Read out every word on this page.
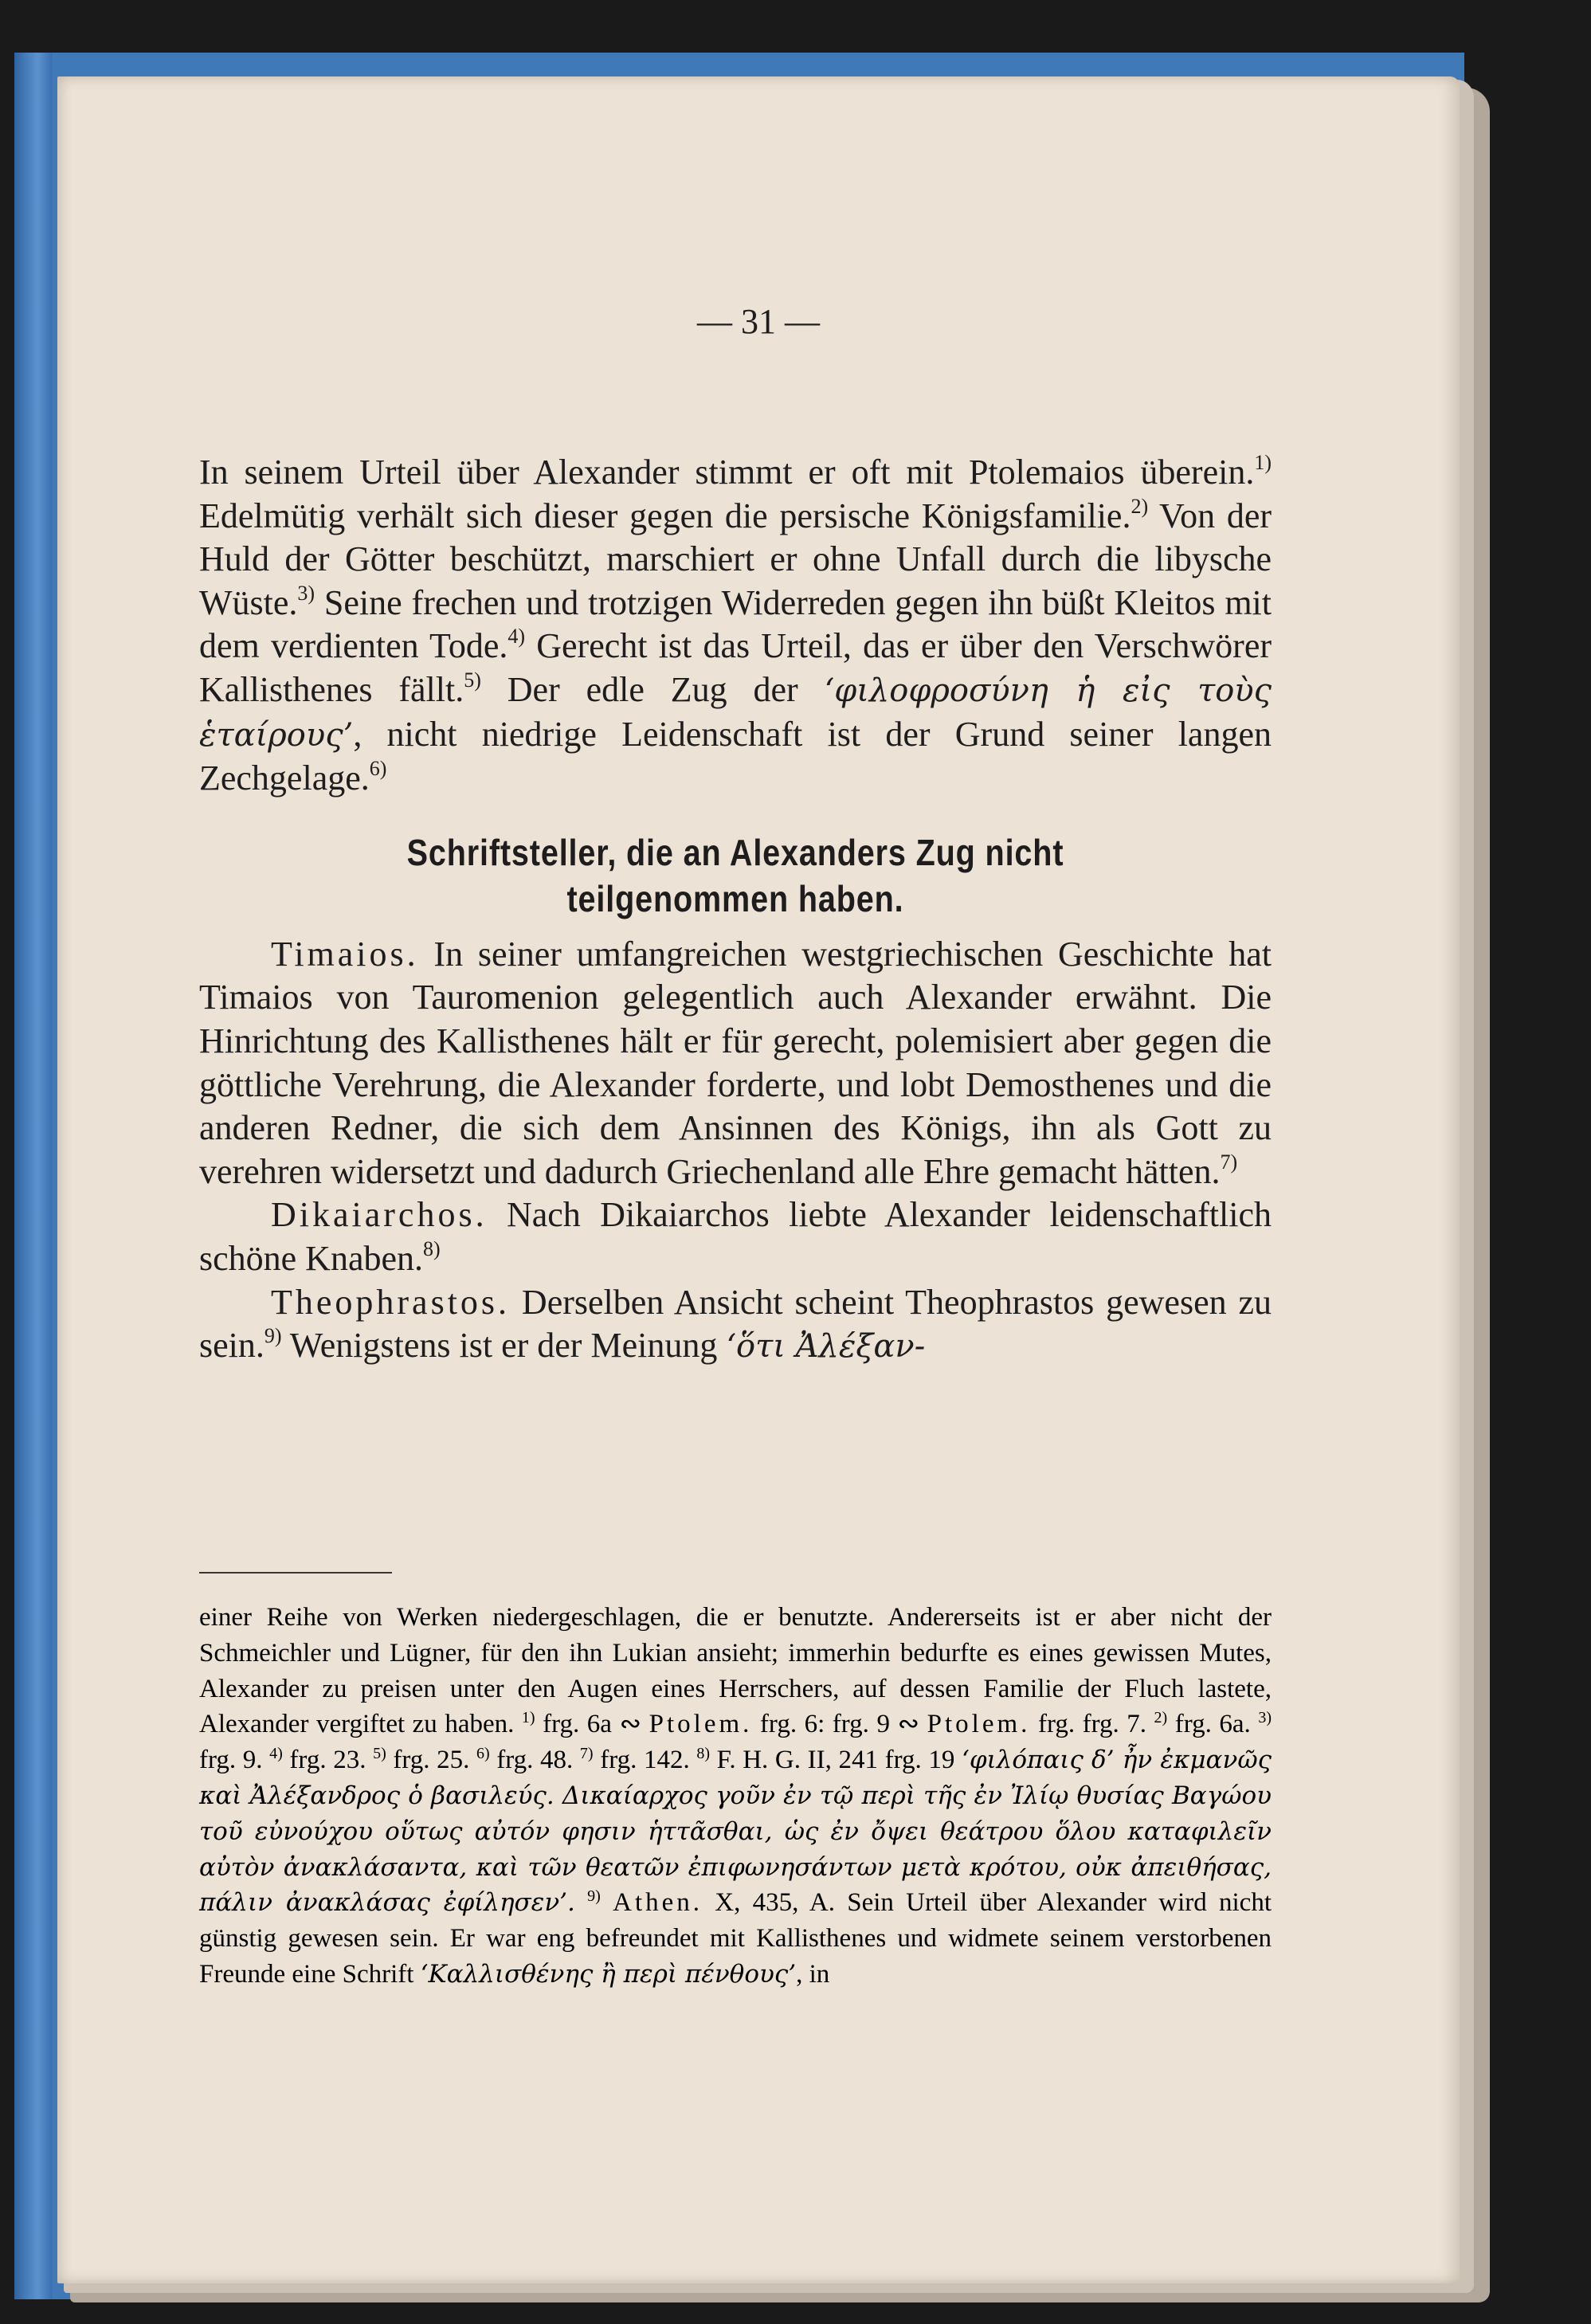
— 31 —

In seinem Urteil über Alexander stimmt er oft mit Ptolemaios überein.$^{1)}$ Edelmütig verhält sich dieser gegen die persische Königsfamilie.$^{2)}$ Von der Huld der Götter beschützt, marschiert er ohne Unfall durch die libysche Wüste.$^{3)}$ Seine frechen und trotzigen Widerreden gegen ihn büßt Kleitos mit dem verdienten Tode.$^{4)}$ Gerecht ist das Urteil, das er über den Verschwörer Kallisthenes fällt.$^{5)}$ Der edle Zug der ‘φιλοφροσύνη ἡ εἰς τοὺς ἑταίρους’, nicht niedrige Leidenschaft ist der Grund seiner langen Zechgelage.$^{6)}$

Schriftsteller, die an Alexanders Zug nicht
teilgenommen haben.

Timaios. In seiner umfangreichen westgriechischen Geschichte hat Timaios von Tauromenion gelegentlich auch Alexander erwähnt. Die Hinrichtung des Kallisthenes hält er für gerecht, polemisiert aber gegen die göttliche Verehrung, die Alexander forderte, und lobt Demosthenes und die anderen Redner, die sich dem Ansinnen des Königs, ihn als Gott zu verehren widersetzt und dadurch Griechenland alle Ehre gemacht hätten.$^{7)}$

Dikaiarchos. Nach Dikaiarchos liebte Alexander leidenschaftlich schöne Knaben.$^{8)}$

Theophrastos. Derselben Ansicht scheint Theophrastos gewesen zu sein.$^{9)}$ Wenigstens ist er der Meinung ‘ὅτι Ἀλέξαν-

einer Reihe von Werken niedergeschlagen, die er benutzte. Andererseits ist er aber nicht der Schmeichler und Lügner, für den ihn Lukian ansieht; immerhin bedurfte es eines gewissen Mutes, Alexander zu preisen unter den Augen eines Herrschers, auf dessen Familie der Fluch lastete, Alexander vergiftet zu haben. $^{1)}$ frg. 6a ∾ Ptolem. frg. 6: frg. 9 ∾ Ptolem. frg. frg. 7. $^{2)}$ frg. 6a. $^{3)}$ frg. 9. $^{4)}$ frg. 23. $^{5)}$ frg. 25. $^{6)}$ frg. 48. $^{7)}$ frg. 142. $^{8)}$ F. H. G. II, 241 frg. 19 ‘φιλόπαις δ’ ἦν ἐκμανῶς καὶ Ἀλέξανδρος ὁ βασιλεύς. Δικαίαρχος γοῦν ἐν τῷ περὶ τῆς ἐν Ἰλίῳ θυσίας Βαγώου τοῦ εὐνούχου οὕτως αὐτόν φησιν ἡττᾶσθαι, ὡς ἐν ὄψει θεάτρου ὅλου καταφιλεῖν αὐτὸν ἀνακλάσαντα, καὶ τῶν θεατῶν ἐπιφωνησάντων μετὰ κρότου, οὐκ ἀπειθήσας, πάλιν ἀνακλάσας ἐφίλησεν’. $^{9)}$ Athen. X, 435, A. Sein Urteil über Alexander wird nicht günstig gewesen sein. Er war eng befreundet mit Kallisthenes und widmete seinem verstorbenen Freunde eine Schrift ‘Καλλισθένης ἢ περὶ πένθους’, in
